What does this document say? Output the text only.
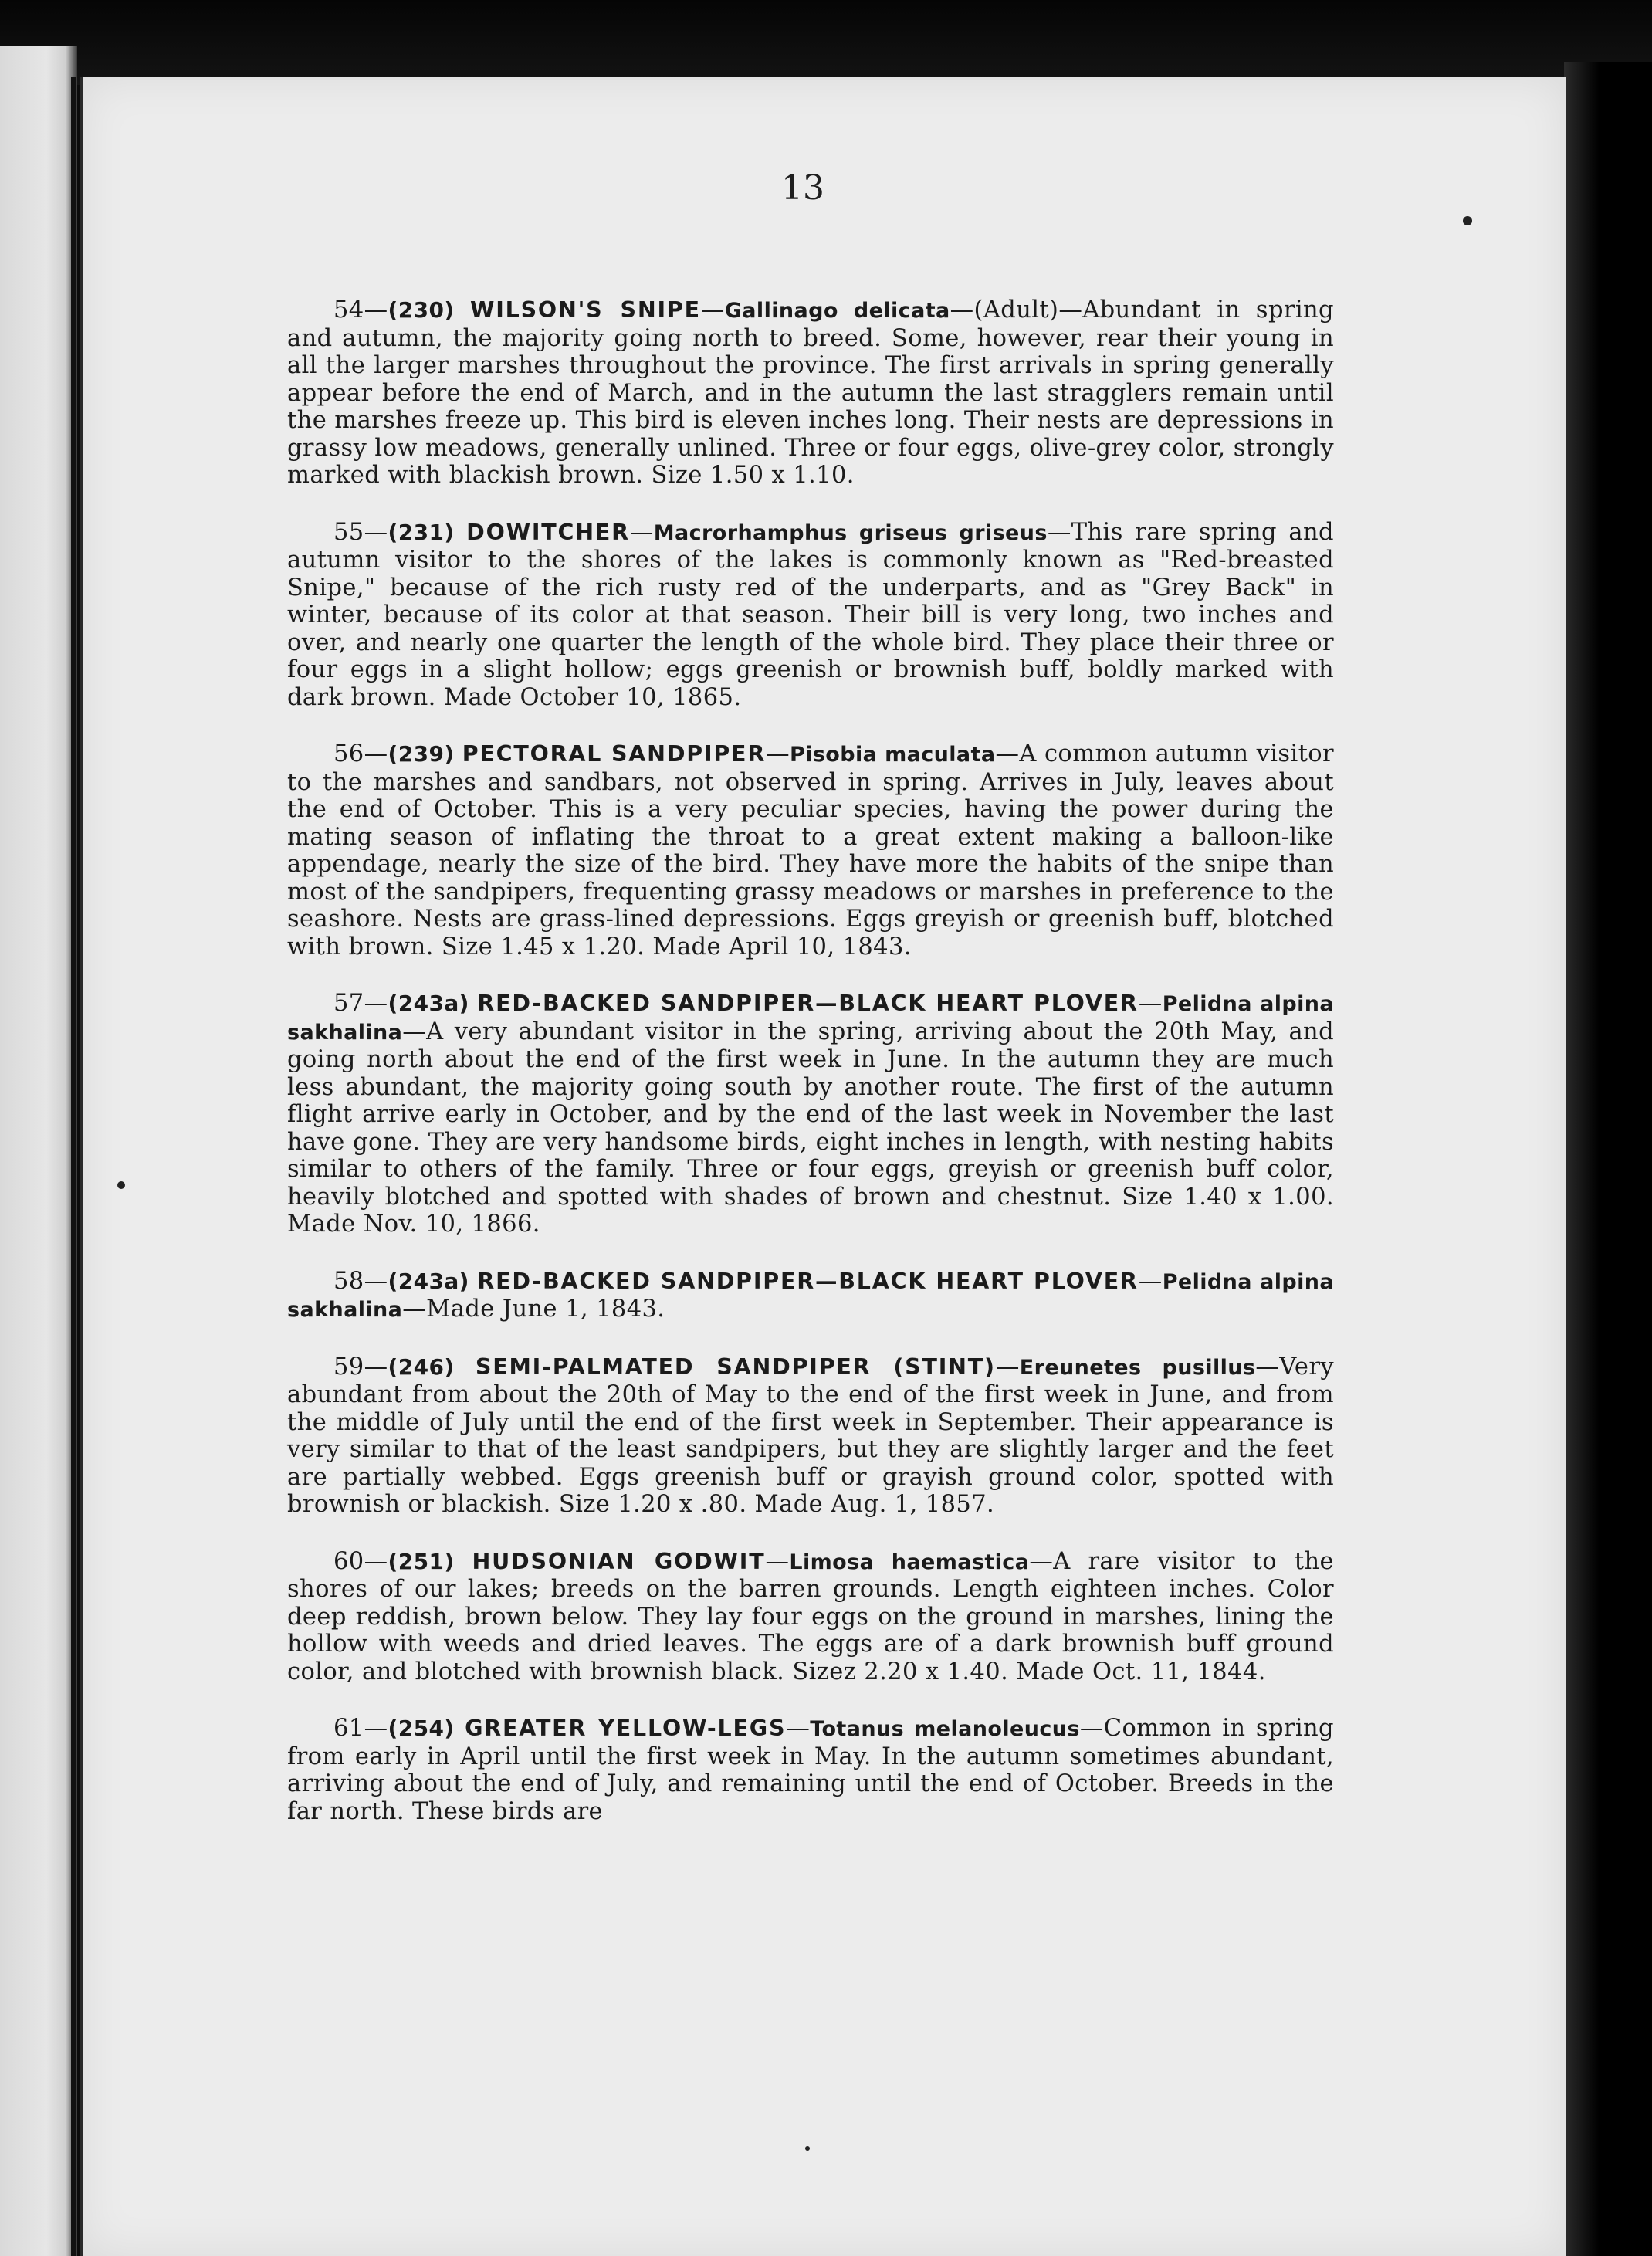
13

54—(230) WILSON'S SNIPE—Gallinago delicata—(Adult)—Abundant in spring and autumn, the majority going north to breed. Some, however, rear their young in all the larger marshes throughout the province. The first arrivals in spring generally appear before the end of March, and in the autumn the last stragglers remain until the marshes freeze up. This bird is eleven inches long. Their nests are depressions in grassy low meadows, generally unlined. Three or four eggs, olive-grey color, strongly marked with blackish brown. Size 1.50 x 1.10.

55—(231) DOWITCHER—Macrorhamphus griseus griseus—This rare spring and autumn visitor to the shores of the lakes is commonly known as "Red-breasted Snipe," because of the rich rusty red of the underparts, and as "Grey Back" in winter, because of its color at that season. Their bill is very long, two inches and over, and nearly one quarter the length of the whole bird. They place their three or four eggs in a slight hollow; eggs greenish or brownish buff, boldly marked with dark brown. Made October 10, 1865.

56—(239) PECTORAL SANDPIPER—Pisobia maculata—A common autumn visitor to the marshes and sandbars, not observed in spring. Arrives in July, leaves about the end of October. This is a very peculiar species, having the power during the mating season of inflating the throat to a great extent making a balloon-like appendage, nearly the size of the bird. They have more the habits of the snipe than most of the sandpipers, frequenting grassy meadows or marshes in preference to the seashore. Nests are grass-lined depressions. Eggs greyish or greenish buff, blotched with brown. Size 1.45 x 1.20. Made April 10, 1843.

57—(243a) RED-BACKED SANDPIPER—BLACK HEART PLOVER—Pelidna alpina sakhalina—A very abundant visitor in the spring, arriving about the 20th May, and going north about the end of the first week in June. In the autumn they are much less abundant, the majority going south by another route. The first of the autumn flight arrive early in October, and by the end of the last week in November the last have gone. They are very handsome birds, eight inches in length, with nesting habits similar to others of the family. Three or four eggs, greyish or greenish buff color, heavily blotched and spotted with shades of brown and chestnut. Size 1.40 x 1.00. Made Nov. 10, 1866.

58—(243a) RED-BACKED SANDPIPER—BLACK HEART PLOVER—Pelidna alpina sakhalina—Made June 1, 1843.

59—(246) SEMI-PALMATED SANDPIPER (STINT)—Ereunetes pusillus—Very abundant from about the 20th of May to the end of the first week in June, and from the middle of July until the end of the first week in September. Their appearance is very similar to that of the least sandpipers, but they are slightly larger and the feet are partially webbed. Eggs greenish buff or grayish ground color, spotted with brownish or blackish. Size 1.20 x .80. Made Aug. 1, 1857.

60—(251) HUDSONIAN GODWIT—Limosa haemastica—A rare visitor to the shores of our lakes; breeds on the barren grounds. Length eighteen inches. Color deep reddish, brown below. They lay four eggs on the ground in marshes, lining the hollow with weeds and dried leaves. The eggs are of a dark brownish buff ground color, and blotched with brownish black. Sizez 2.20 x 1.40. Made Oct. 11, 1844.

61—(254) GREATER YELLOW-LEGS—Totanus melanoleucus—Common in spring from early in April until the first week in May. In the autumn sometimes abundant, arriving about the end of July, and remaining until the end of October. Breeds in the far north. These birds are
